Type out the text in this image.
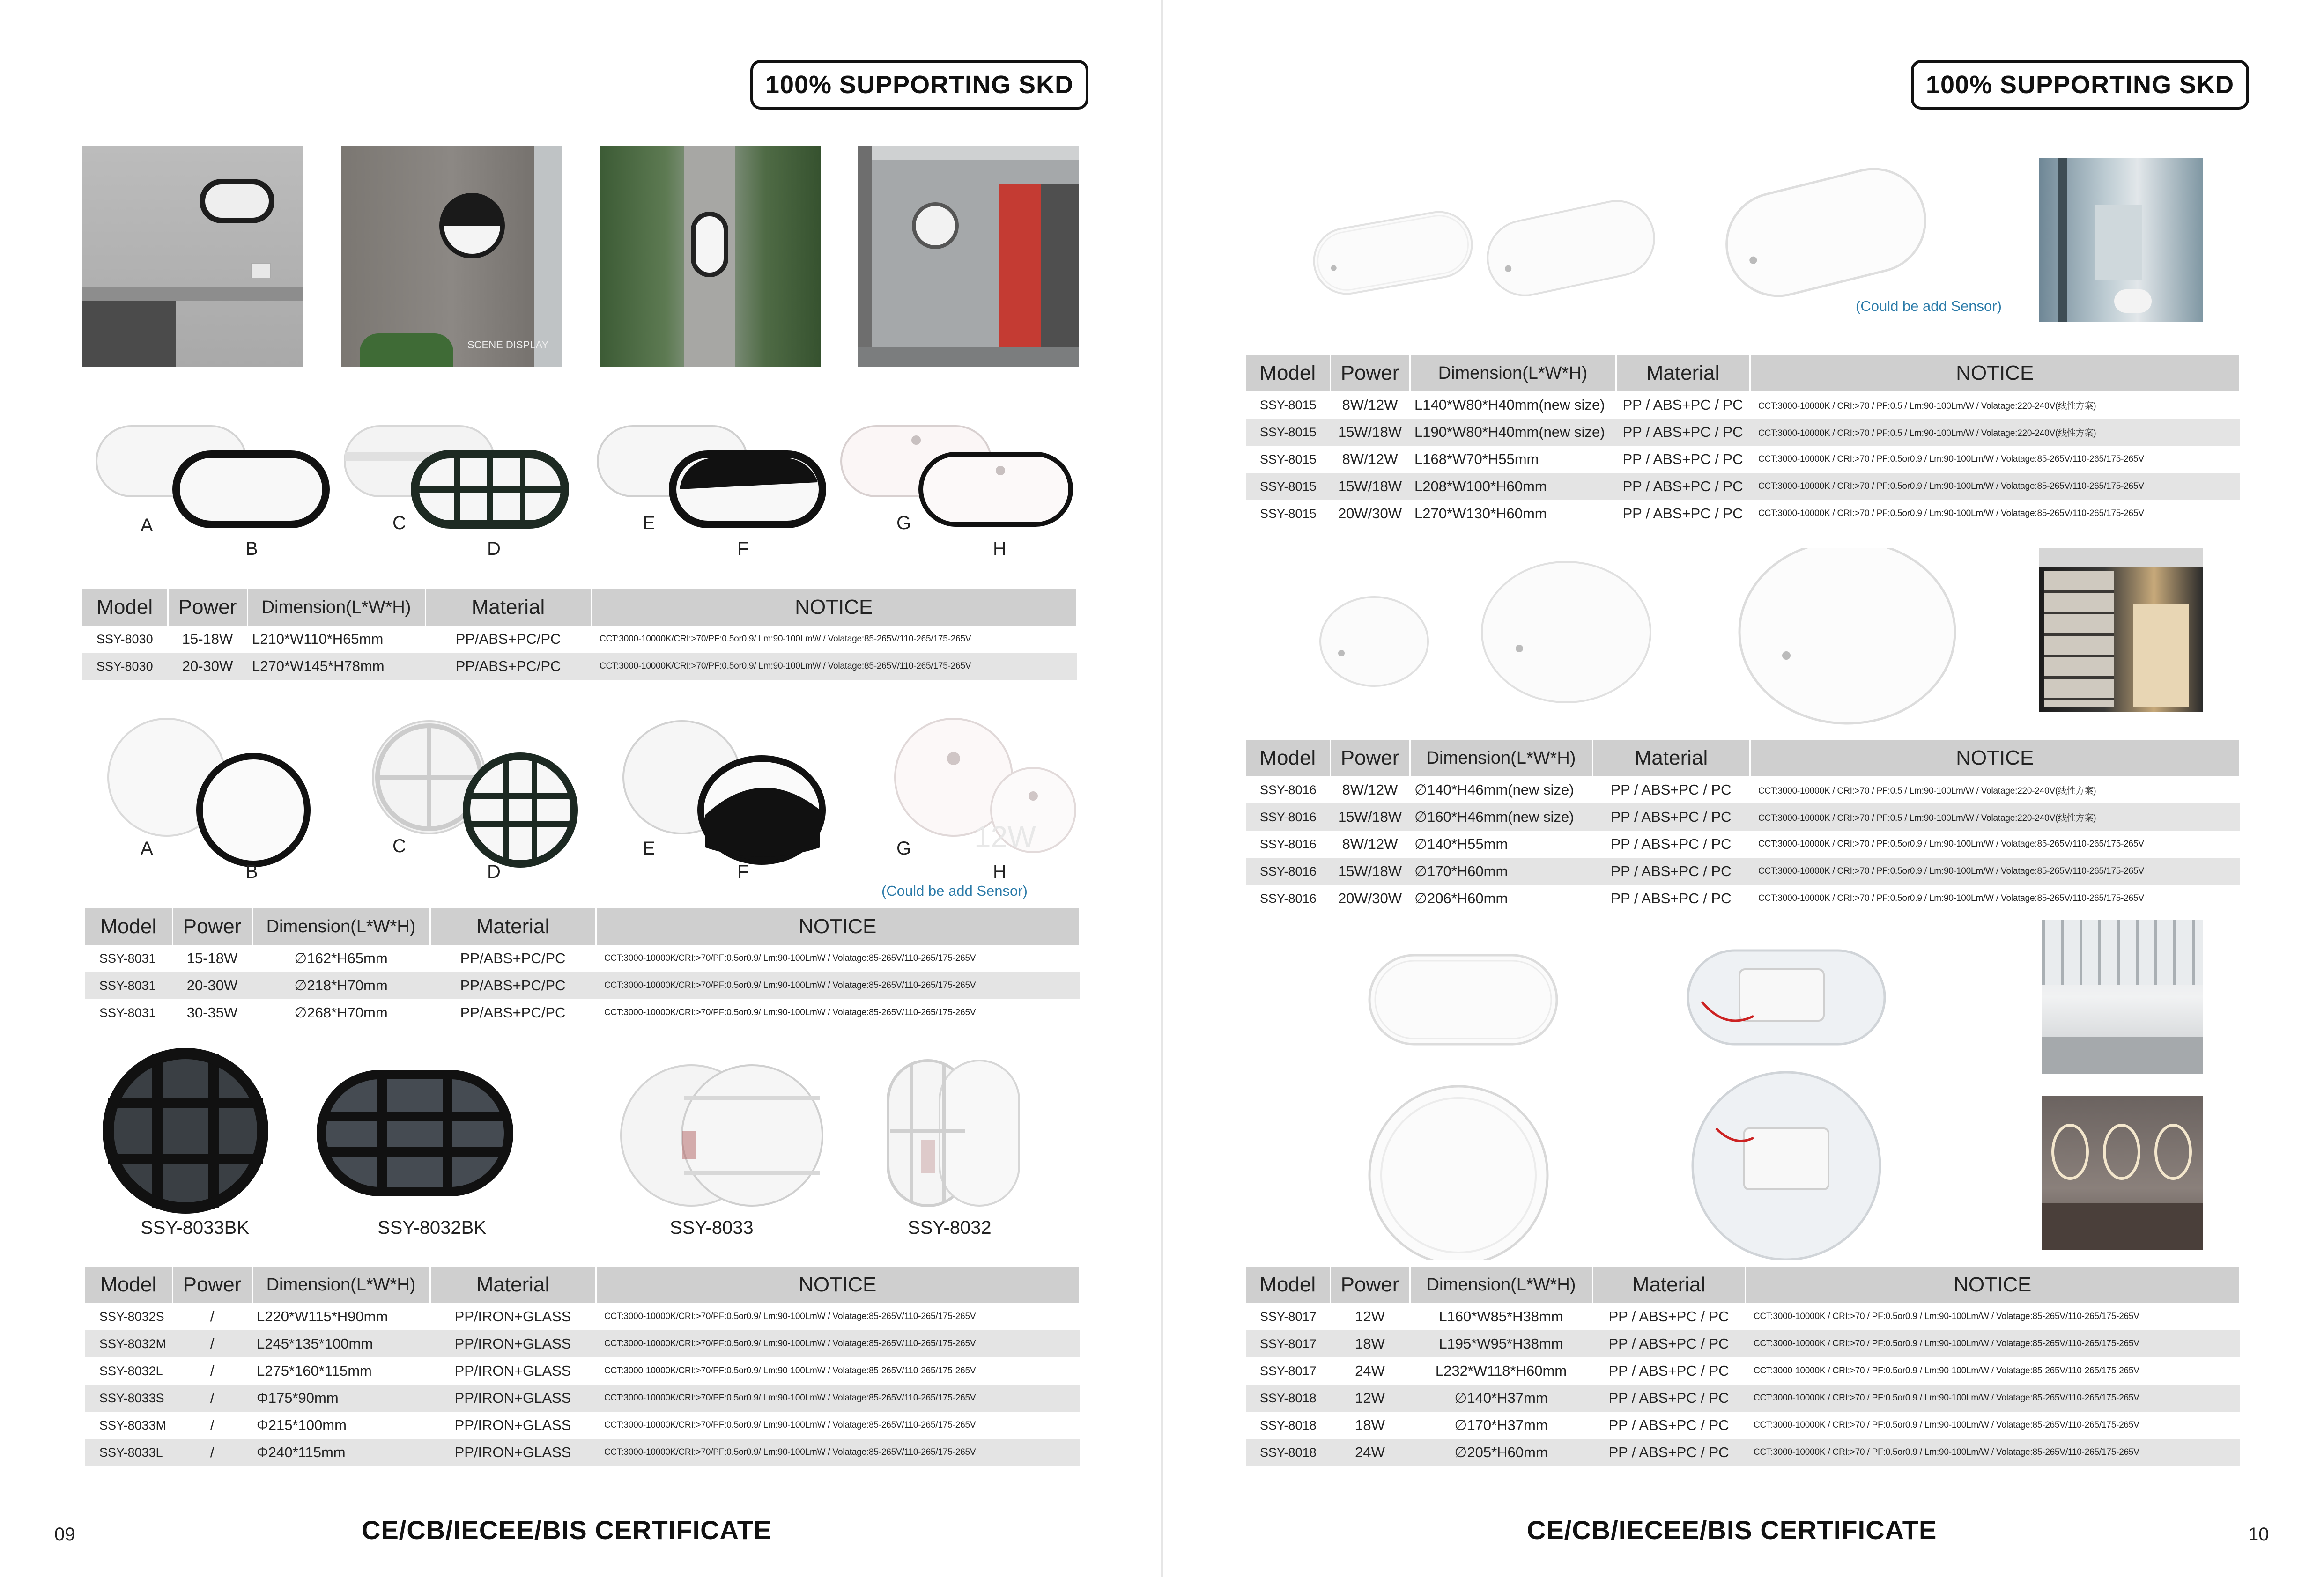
100% SUPPORTING SKD
SCENE DISPLAY
A
B
C
D
E
F
G
H
Model	Power	Dimension(L*W*H)	Material	NOTICE
SSY-8030	15-18W	L210*W110*H65mm	PP/ABS+PC/PC	CCT:3000-10000K/CRI:>70/PF:0.5or0.9/ Lm:90-100LmW / Volatage:85-265V/110-265/175-265V
SSY-8030	20-30W	L270*W145*H78mm	PP/ABS+PC/PC	CCT:3000-10000K/CRI:>70/PF:0.5or0.9/ Lm:90-100LmW / Volatage:85-265V/110-265/175-265V
12W
A
B
C
D
E
F
G
H
(Could be add Sensor)
Model	Power	Dimension(L*W*H)	Material	NOTICE
SSY-8031	15-18W	∅162*H65mm	PP/ABS+PC/PC	CCT:3000-10000K/CRI:>70/PF:0.5or0.9/ Lm:90-100LmW / Volatage:85-265V/110-265/175-265V
SSY-8031	20-30W	∅218*H70mm	PP/ABS+PC/PC	CCT:3000-10000K/CRI:>70/PF:0.5or0.9/ Lm:90-100LmW / Volatage:85-265V/110-265/175-265V
SSY-8031	30-35W	∅268*H70mm	PP/ABS+PC/PC	CCT:3000-10000K/CRI:>70/PF:0.5or0.9/ Lm:90-100LmW / Volatage:85-265V/110-265/175-265V
SSY-8033BK	SSY-8032BK	SSY-8033	SSY-8032
Model	Power	Dimension(L*W*H)	Material	NOTICE
SSY-8032S	/	L220*W115*H90mm	PP/IRON+GLASS	CCT:3000-10000K/CRI:>70/PF:0.5or0.9/ Lm:90-100LmW / Volatage:85-265V/110-265/175-265V
SSY-8032M	/	L245*135*100mm	PP/IRON+GLASS	CCT:3000-10000K/CRI:>70/PF:0.5or0.9/ Lm:90-100LmW / Volatage:85-265V/110-265/175-265V
SSY-8032L	/	L275*160*115mm	PP/IRON+GLASS	CCT:3000-10000K/CRI:>70/PF:0.5or0.9/ Lm:90-100LmW / Volatage:85-265V/110-265/175-265V
SSY-8033S	/	Φ175*90mm	PP/IRON+GLASS	CCT:3000-10000K/CRI:>70/PF:0.5or0.9/ Lm:90-100LmW / Volatage:85-265V/110-265/175-265V
SSY-8033M	/	Φ215*100mm	PP/IRON+GLASS	CCT:3000-10000K/CRI:>70/PF:0.5or0.9/ Lm:90-100LmW / Volatage:85-265V/110-265/175-265V
SSY-8033L	/	Φ240*115mm	PP/IRON+GLASS	CCT:3000-10000K/CRI:>70/PF:0.5or0.9/ Lm:90-100LmW / Volatage:85-265V/110-265/175-265V
09	CE/CB/IECEE/BIS CERTIFICATE
100% SUPPORTING SKD
(Could be add Sensor)
Model	Power	Dimension(L*W*H)	Material	NOTICE
SSY-8015	8W/12W	L140*W80*H40mm(new size)	PP / ABS+PC / PC	CCT:3000-10000K / CRI:>70 / PF:0.5 / Lm:90-100Lm/W / Volatage:220-240V(线性方案)
SSY-8015	15W/18W	L190*W80*H40mm(new size)	PP / ABS+PC / PC	CCT:3000-10000K / CRI:>70 / PF:0.5 / Lm:90-100Lm/W / Volatage:220-240V(线性方案)
SSY-8015	8W/12W	L168*W70*H55mm	PP / ABS+PC / PC	CCT:3000-10000K / CRI:>70 / PF:0.5or0.9 / Lm:90-100Lm/W / Volatage:85-265V/110-265/175-265V
SSY-8015	15W/18W	L208*W100*H60mm	PP / ABS+PC / PC	CCT:3000-10000K / CRI:>70 / PF:0.5or0.9 / Lm:90-100Lm/W / Volatage:85-265V/110-265/175-265V
SSY-8015	20W/30W	L270*W130*H60mm	PP / ABS+PC / PC	CCT:3000-10000K / CRI:>70 / PF:0.5or0.9 / Lm:90-100Lm/W / Volatage:85-265V/110-265/175-265V
Model	Power	Dimension(L*W*H)	Material	NOTICE
SSY-8016	8W/12W	∅140*H46mm(new size)	PP / ABS+PC / PC	CCT:3000-10000K / CRI:>70 / PF:0.5 / Lm:90-100Lm/W / Volatage:220-240V(线性方案)
SSY-8016	15W/18W	∅160*H46mm(new size)	PP / ABS+PC / PC	CCT:3000-10000K / CRI:>70 / PF:0.5 / Lm:90-100Lm/W / Volatage:220-240V(线性方案)
SSY-8016	8W/12W	∅140*H55mm	PP / ABS+PC / PC	CCT:3000-10000K / CRI:>70 / PF:0.5or0.9 / Lm:90-100Lm/W / Volatage:85-265V/110-265/175-265V
SSY-8016	15W/18W	∅170*H60mm	PP / ABS+PC / PC	CCT:3000-10000K / CRI:>70 / PF:0.5or0.9 / Lm:90-100Lm/W / Volatage:85-265V/110-265/175-265V
SSY-8016	20W/30W	∅206*H60mm	PP / ABS+PC / PC	CCT:3000-10000K / CRI:>70 / PF:0.5or0.9 / Lm:90-100Lm/W / Volatage:85-265V/110-265/175-265V
Model	Power	Dimension(L*W*H)	Material	NOTICE
SSY-8017	12W	L160*W85*H38mm	PP / ABS+PC / PC	CCT:3000-10000K / CRI:>70 / PF:0.5or0.9 / Lm:90-100Lm/W / Volatage:85-265V/110-265/175-265V
SSY-8017	18W	L195*W95*H38mm	PP / ABS+PC / PC	CCT:3000-10000K / CRI:>70 / PF:0.5or0.9 / Lm:90-100Lm/W / Volatage:85-265V/110-265/175-265V
SSY-8017	24W	L232*W118*H60mm	PP / ABS+PC / PC	CCT:3000-10000K / CRI:>70 / PF:0.5or0.9 / Lm:90-100Lm/W / Volatage:85-265V/110-265/175-265V
SSY-8018	12W	∅140*H37mm	PP / ABS+PC / PC	CCT:3000-10000K / CRI:>70 / PF:0.5or0.9 / Lm:90-100Lm/W / Volatage:85-265V/110-265/175-265V
SSY-8018	18W	∅170*H37mm	PP / ABS+PC / PC	CCT:3000-10000K / CRI:>70 / PF:0.5or0.9 / Lm:90-100Lm/W / Volatage:85-265V/110-265/175-265V
SSY-8018	24W	∅205*H60mm	PP / ABS+PC / PC	CCT:3000-10000K / CRI:>70 / PF:0.5or0.9 / Lm:90-100Lm/W / Volatage:85-265V/110-265/175-265V
CE/CB/IECEE/BIS CERTIFICATE	10
